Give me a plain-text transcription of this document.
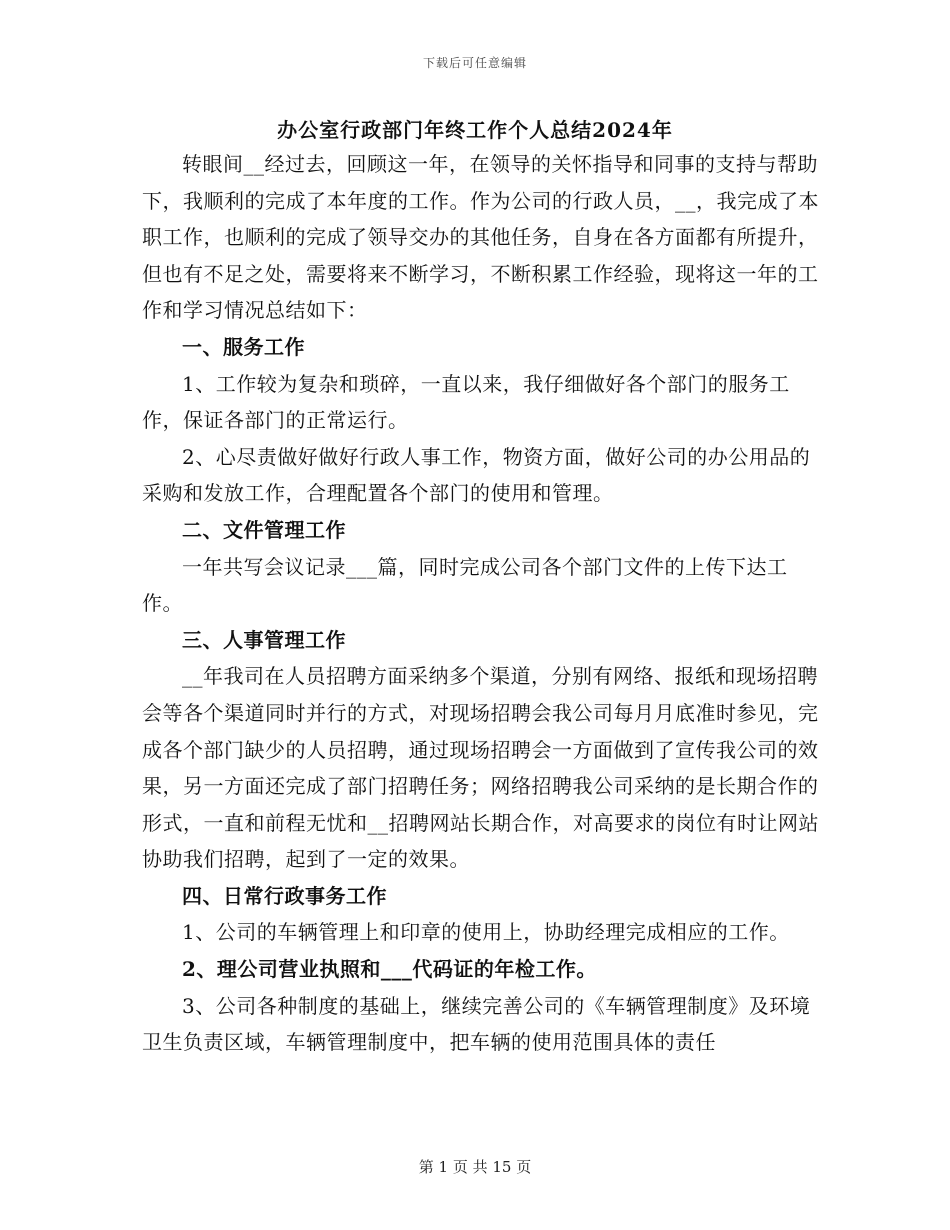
下载后可任意编辑
办公室行政部门年终工作个人总结2024年

转眼间__经过去，回顾这一年，在领导的关怀指导和同事的支持与帮助下，我顺利的完成了本年度的工作。作为公司的行政人员，__，我完成了本职工作，也顺利的完成了领导交办的其他任务，自身在各方面都有所提升，但也有不足之处，需要将来不断学习，不断积累工作经验，现将这一年的工作和学习情况总结如下：

一、服务工作

1、工作较为复杂和琐碎，一直以来，我仔细做好各个部门的服务工作，保证各部门的正常运行。

2、心尽责做好做好行政人事工作，物资方面，做好公司的办公用品的采购和发放工作，合理配置各个部门的使用和管理。

二、文件管理工作

一年共写会议记录___篇，同时完成公司各个部门文件的上传下达工作。

三、人事管理工作

__年我司在人员招聘方面采纳多个渠道，分别有网络、报纸和现场招聘会等各个渠道同时并行的方式，对现场招聘会我公司每月月底准时参见，完成各个部门缺少的人员招聘，通过现场招聘会一方面做到了宣传我公司的效果，另一方面还完成了部门招聘任务；网络招聘我公司采纳的是长期合作的形式，一直和前程无忧和__招聘网站长期合作，对高要求的岗位有时让网站协助我们招聘，起到了一定的效果。

四、日常行政事务工作

1、公司的车辆管理上和印章的使用上，协助经理完成相应的工作。

2、理公司营业执照和___代码证的年检工作。

3、公司各种制度的基础上，继续完善公司的《车辆管理制度》及环境卫生负责区域，车辆管理制度中，把车辆的使用范围具体的责任

第 1 页 共 15 页
